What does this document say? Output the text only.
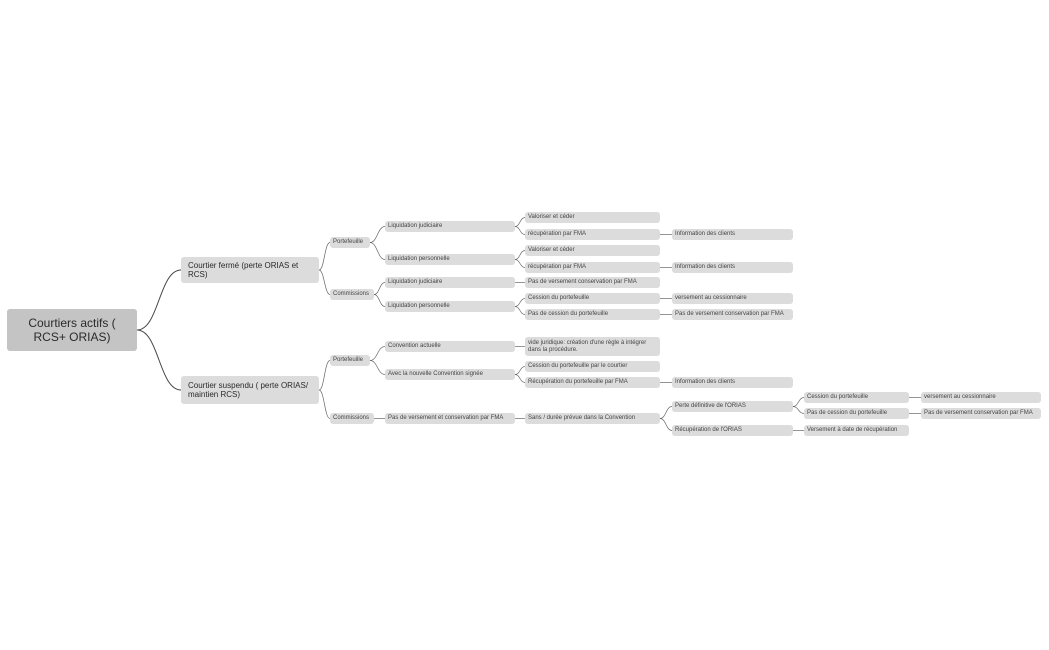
Courtiers actifs ( RCS+ ORIAS)
Courtier fermé (perte ORIAS et RCS)
Courtier suspendu ( perte ORIAS/ maintien RCS)
Portefeuille
Commissions
Liquidation judiciaire
Liquidation personnelle
Liquidation judiciaire
Liquidation personnelle
Valoriser et céder
récupération par FMA	Information des clients
Valoriser et céder
récupération par FMA	Information des clients
Pas de versement conservation par FMA
Cession du portefeuille	versement au cessionnaire
Pas de cession du portefeuille	Pas de versement conservation par FMA
Portefeuille
Commissions
Convention actuelle
vide juridique: création d'une règle à intégrer dans la procédure.
Avec la nouvelle Convention signée
Cession du portefeuille par le courtier
Récupération du portefeuille par FMA	Information des clients
Pas de versement et conservation par FMA	Sans / durée prévue dans la Convention
Perte définitive de l'ORIAS
Récupération de l'ORIAS
Cession du portefeuille	versement au cessionnaire
Pas de cession du portefeuille	Pas de versement conservation par FMA
Versement à date de récupération
